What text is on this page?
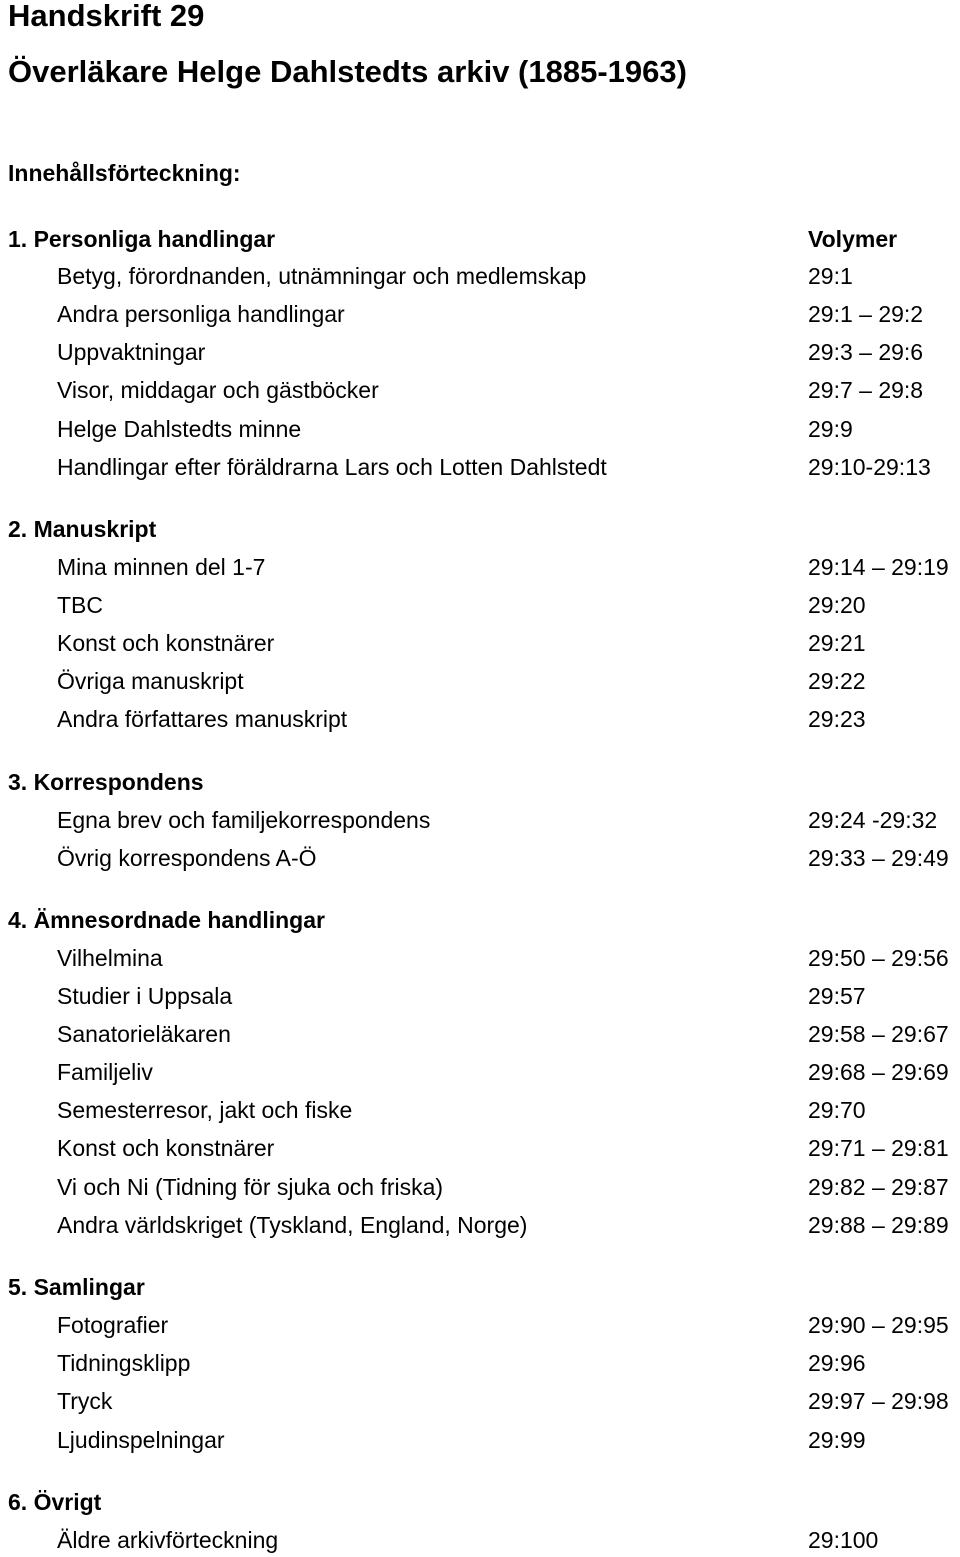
Handskrift 29
Överläkare Helge Dahlstedts arkiv (1885-1963)
Innehållsförteckning:
Volymer
1. Personliga handlingar
Betyg, förordnanden, utnämningar och medlemskap	29:1
Andra personliga handlingar	29:1 – 29:2
Uppvaktningar	29:3 – 29:6
Visor, middagar och gästböcker	29:7 – 29:8
Helge Dahlstedts minne	29:9
Handlingar efter föräldrarna Lars och Lotten Dahlstedt	29:10-29:13
2. Manuskript
Mina minnen del 1-7	29:14 – 29:19
TBC	29:20
Konst och konstnärer	29:21
Övriga manuskript	29:22
Andra författares manuskript	29:23
3. Korrespondens
Egna brev och familjekorrespondens	29:24 -29:32
Övrig korrespondens A-Ö	29:33 – 29:49
4. Ämnesordnade handlingar
Vilhelmina	29:50 – 29:56
Studier i Uppsala	29:57
Sanatorieläkaren	29:58 – 29:67
Familjeliv	29:68 – 29:69
Semesterresor, jakt och fiske	29:70
Konst och konstnärer	29:71 – 29:81
Vi och Ni (Tidning för sjuka och friska)	29:82 – 29:87
Andra världskriget (Tyskland, England, Norge)	29:88 – 29:89
5. Samlingar
Fotografier	29:90 – 29:95
Tidningsklipp	29:96
Tryck	29:97 – 29:98
Ljudinspelningar	29:99
6. Övrigt
Äldre arkivförteckning	29:100
